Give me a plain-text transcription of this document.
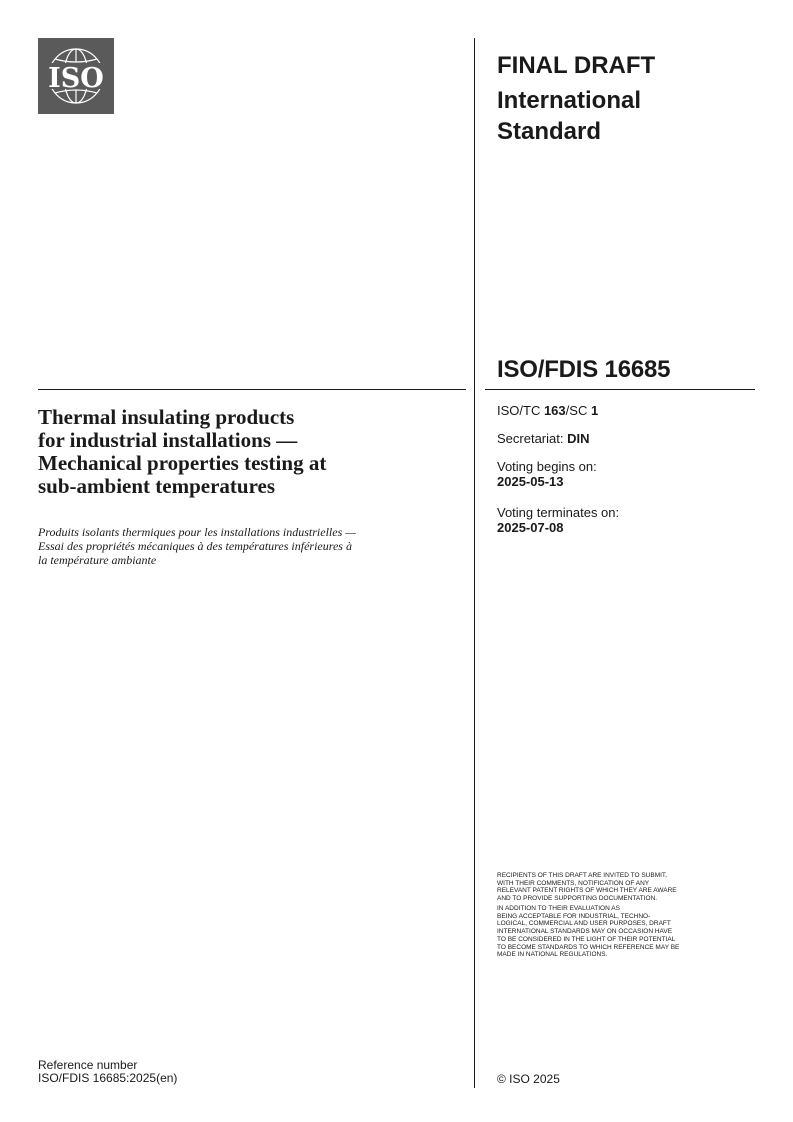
ISO	FINAL DRAFT
International
Standard
ISO/FDIS 16685
Thermal insulating products
for industrial installations —
Mechanical properties testing at
sub-ambient temperatures
Produits isolants thermiques pour les installations industrielles —
Essai des propriétés mécaniques à des températures inférieures à
la température ambiante
ISO/TC 163/SC 1
Secretariat: DIN
Voting begins on:
2025-05-13
Voting terminates on:
2025-07-08
RECIPIENTS OF THIS DRAFT ARE INVITED TO SUBMIT,
WITH THEIR COMMENTS, NOTIFICATION OF ANY
RELEVANT PATENT RIGHTS OF WHICH THEY ARE AWARE
AND TO PROVIDE SUPPORTING DOCUMENTATION.
IN ADDITION TO THEIR EVALUATION AS
BEING ACCEPTABLE FOR INDUSTRIAL, TECHNO-
LOGICAL, COMMERCIAL AND USER PURPOSES, DRAFT
INTERNATIONAL STANDARDS MAY ON OCCASION HAVE
TO BE CONSIDERED IN THE LIGHT OF THEIR POTENTIAL
TO BECOME STANDARDS TO WHICH REFERENCE MAY BE
MADE IN NATIONAL REGULATIONS.
Reference number
ISO/FDIS 16685:2025(en)	© ISO 2025
